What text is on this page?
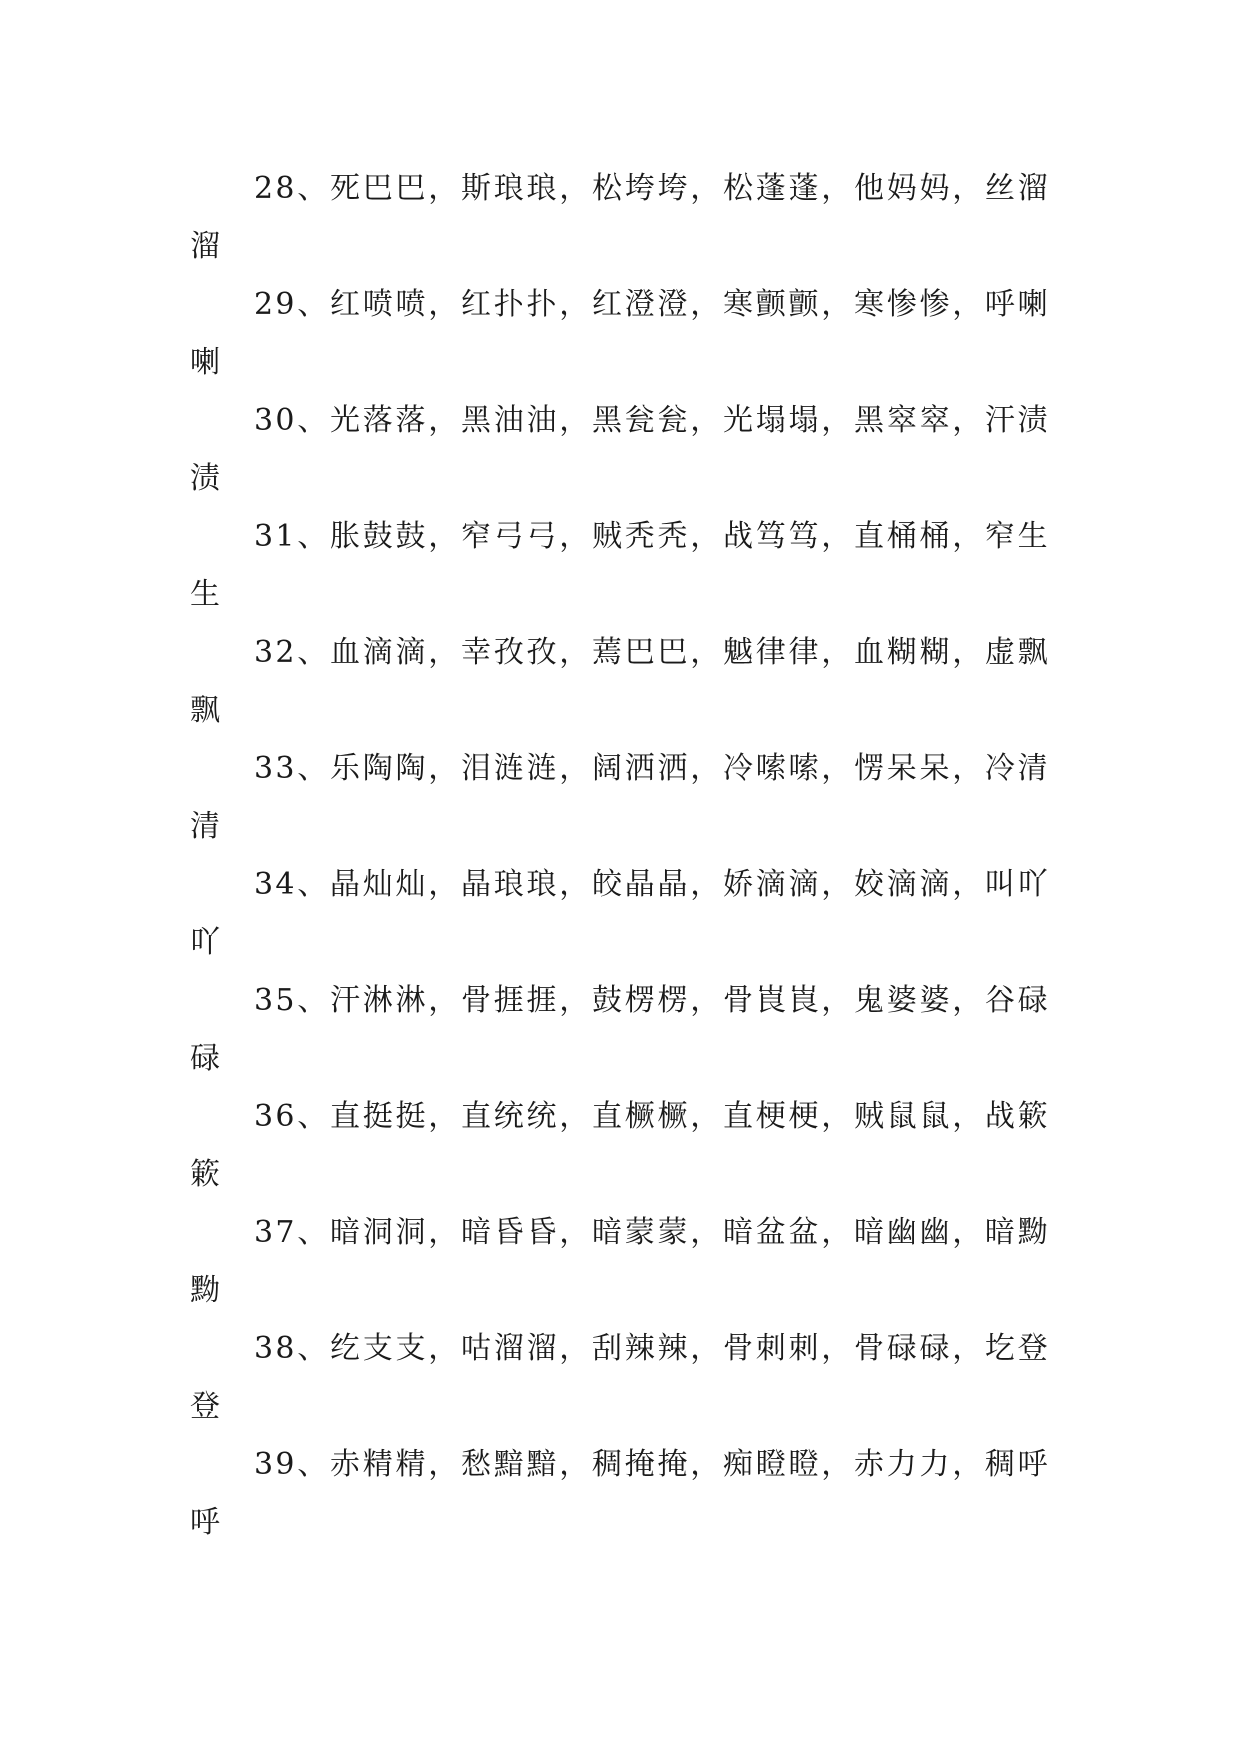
28、死巴巴，斯琅琅，松垮垮，松蓬蓬，他妈妈，丝溜溜

29、红喷喷，红扑扑，红澄澄，寒颤颤，寒惨惨，呼喇喇

30、光落落，黑油油，黑瓮瓮，光塌塌，黑窣窣，汗渍渍

31、胀鼓鼓，窄弓弓，贼秃秃，战笃笃，直桶桶，窄生生

32、血滴滴，幸孜孜，蔫巴巴，魆律律，血糊糊，虚飘飘

33、乐陶陶，泪涟涟，阔洒洒，冷嗦嗦，愣呆呆，冷清清

34、晶灿灿，晶琅琅，皎晶晶，娇滴滴，姣滴滴，叫吖吖

35、汗淋淋，骨捱捱，鼓楞楞，骨崀崀，鬼婆婆，谷碌碌

36、直挺挺，直统统，直橛橛，直梗梗，贼鼠鼠，战簌簌

37、暗洞洞，暗昏昏，暗蒙蒙，暗盆盆，暗幽幽，暗黝黝

38、纥支支，咕溜溜，刮辣辣，骨刺刺，骨碌碌，圪登登

39、赤精精，愁黯黯，稠掩掩，痴瞪瞪，赤力力，稠呼呼
